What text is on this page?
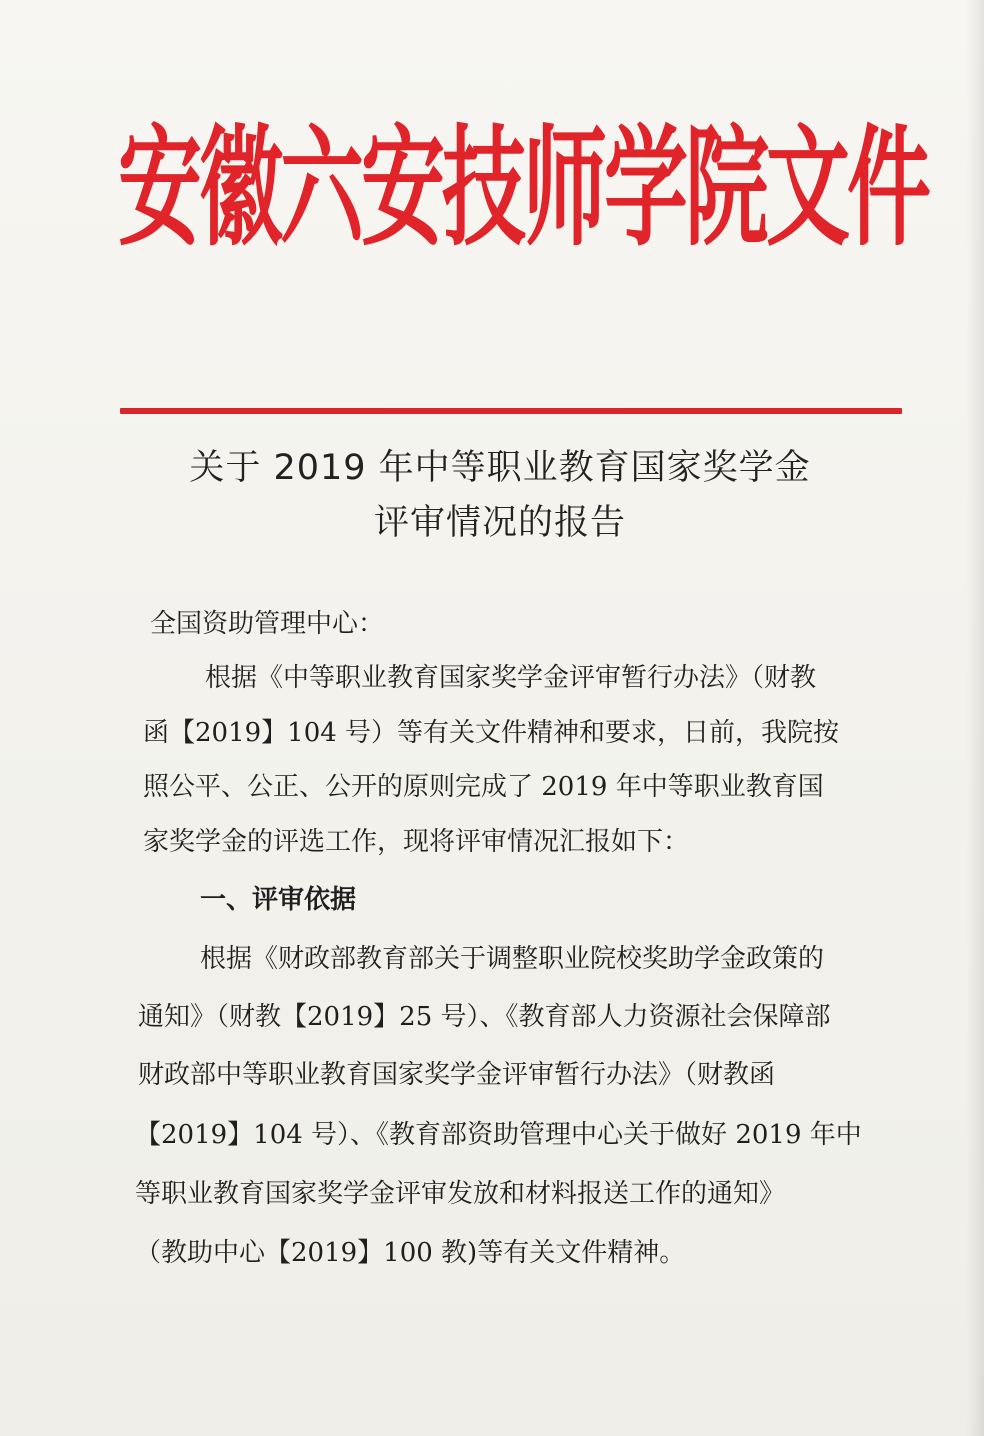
安徽六安技师学院文件
关于 2019 年中等职业教育国家奖学金
评审情况的报告
全国资助管理中心：
根据《中等职业教育国家奖学金评审暂行办法》（财教
函【2019】104 号）等有关文件精神和要求，日前，我院按
照公平、公正、公开的原则完成了 2019 年中等职业教育国
家奖学金的评选工作，现将评审情况汇报如下：
一、评审依据
根据《财政部教育部关于调整职业院校奖助学金政策的
通知》（财教【2019】25 号）、《教育部人力资源社会保障部
财政部中等职业教育国家奖学金评审暂行办法》（财教函
【2019】104 号）、《教育部资助管理中心关于做好 2019 年中
等职业教育国家奖学金评审发放和材料报送工作的通知》
（教助中心【2019】100 教)等有关文件精神。
